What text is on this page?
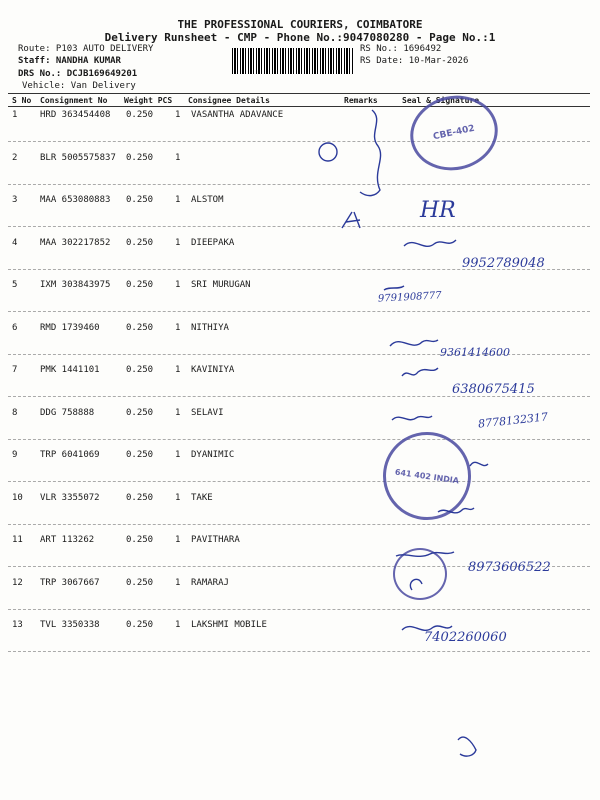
THE PROFESSIONAL COURIERS, COIMBATORE
Delivery Runsheet - CMP - Phone No.:9047080280 - Page No.:1
Route: P103 AUTO DELIVERY
Staff: NANDHA KUMAR
DRS No.: DCJB169649201
Vehicle: Van Delivery
RS No.: 1696492
RS Date: 10-Mar-2026
S No Consignment No Weight PCS Consignee Details	Remarks	Seal & Signature
1	HRD 363454408 0.250 1 VASANTHA ADAVANCE
2	BLR 5005575837 0.250 1
3	MAA 653080883 0.250 1 ALSTOM
4	MAA 302217852 0.250 1 DIEEPAKA
5	IXM 303843975 0.250 1 SRI MURUGAN
6	RMD 1739460	0.250 1 NITHIYA
7	PMK 1441101	0.250 1 KAVINIYA
8	DDG 758888	0.250 1 SELAVI
9	TRP 6041069	0.250 1 DYANIMIC
10 VLR 3355072	0.250 1 TAKE
11 ART 113262	0.250 1 PAVITHARA
12 TRP 3067667	0.250 1 RAMARAJ
13 TVL 3350338	0.250 1 LAKSHMI MOBILE
CBE-402
641 402 INDIA
HR
9952789048
9791908777
9361414600
6380675415
8778132317
8973606522
7402260060
